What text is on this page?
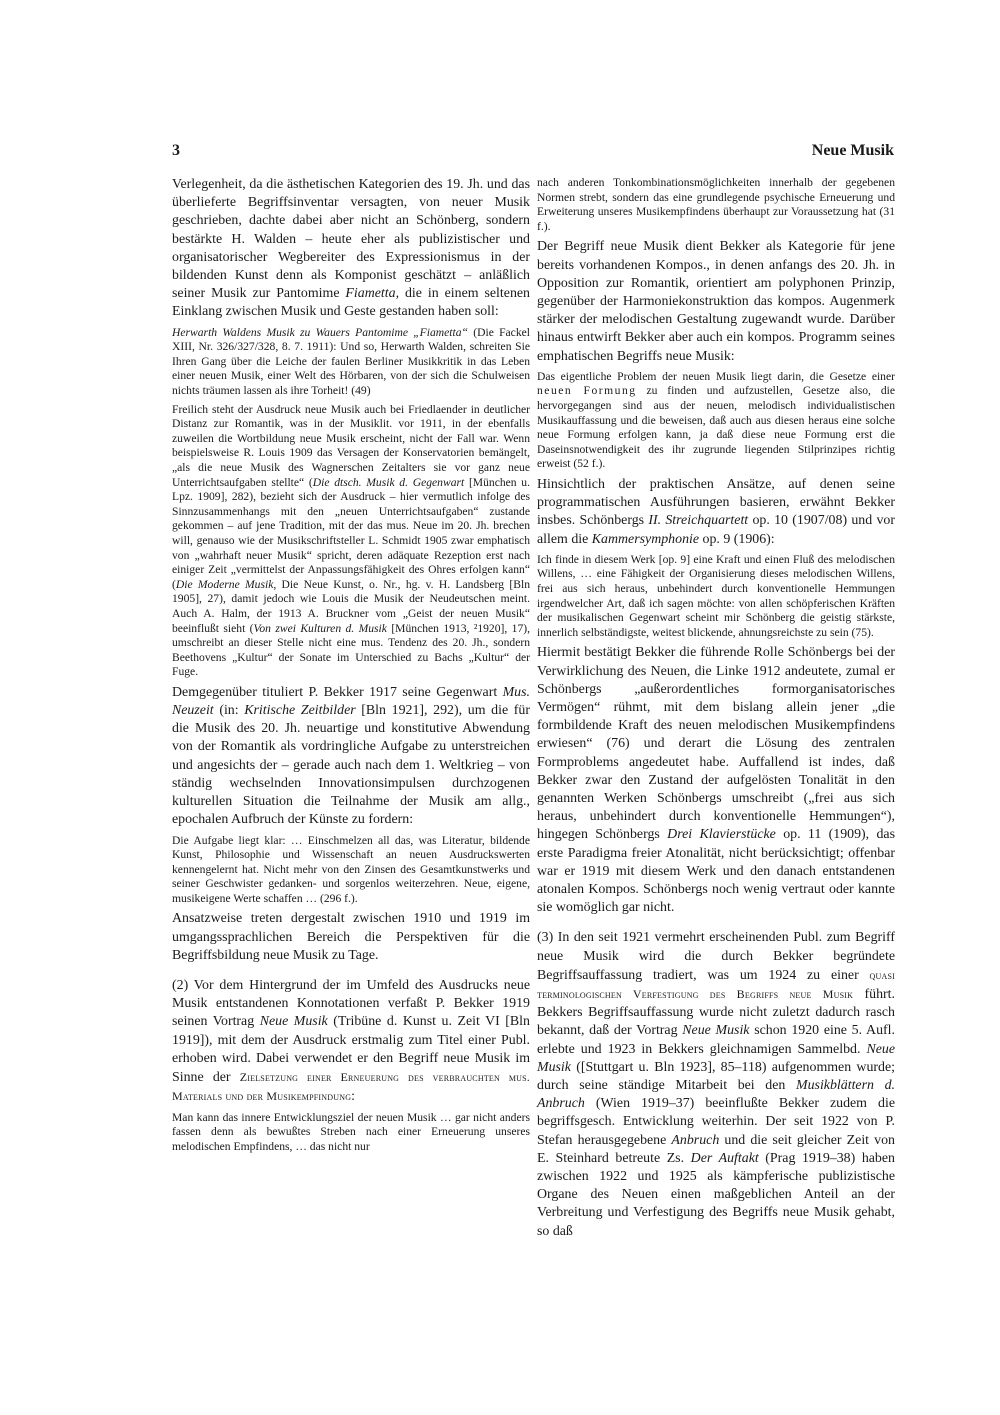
3	Neue Musik

Verlegenheit, da die ästhetischen Kategorien des 19. Jh. und das überlieferte Begriffsinventar versagten, von neuer Musik geschrieben, dachte dabei aber nicht an Schönberg, sondern bestärkte H. Walden – heute eher als publizistischer und organisatorischer Wegbereiter des Expressionismus in der bildenden Kunst denn als Komponist geschätzt – anläßlich seiner Musik zur Pantomime Fiametta, die in einem seltenen Einklang zwischen Musik und Geste gestanden haben soll:

Herwarth Waldens Musik zu Wauers Pantomime „Fiametta“ (Die Fackel XIII, Nr. 326/327/328, 8. 7. 1911): Und so, Herwarth Walden, schreiten Sie Ihren Gang über die Leiche der faulen Berliner Musikkritik in das Leben einer neuen Musik, einer Welt des Hörbaren, von der sich die Schulweisen nichts träumen lassen als ihre Torheit! (49)

Freilich steht der Ausdruck neue Musik auch bei Friedlaender in deutlicher Distanz zur Romantik, was in der Musiklit. vor 1911, in der ebenfalls zuweilen die Wortbildung neue Musik erscheint, nicht der Fall war. Wenn beispielsweise R. Louis 1909 das Versagen der Konservatorien bemängelt, „als die neue Musik des Wagnerschen Zeitalters sie vor ganz neue Unterrichtsaufgaben stellte“ (Die dtsch. Musik d. Gegenwart [München u. Lpz. 1909], 282), bezieht sich der Ausdruck – hier vermutlich infolge des Sinnzusammenhangs mit den „neuen Unterrichtsaufgaben“ zustande gekommen – auf jene Tradition, mit der das mus. Neue im 20. Jh. brechen will, genauso wie der Musikschriftsteller L. Schmidt 1905 zwar emphatisch von „wahrhaft neuer Musik“ spricht, deren adäquate Rezeption erst nach einiger Zeit „vermittelst der Anpassungsfähigkeit des Ohres erfolgen kann“ (Die Moderne Musik, Die Neue Kunst, o. Nr., hg. v. H. Landsberg [Bln 1905], 27), damit jedoch wie Louis die Musik der Neudeutschen meint. Auch A. Halm, der 1913 A. Bruckner vom „Geist der neuen Musik“ beeinflußt sieht (Von zwei Kulturen d. Musik [München 1913, ²1920], 17), umschreibt an dieser Stelle nicht eine mus. Tendenz des 20. Jh., sondern Beethovens „Kultur“ der Sonate im Unterschied zu Bachs „Kultur“ der Fuge.

Demgegenüber tituliert P. Bekker 1917 seine Gegenwart Mus. Neuzeit (in: Kritische Zeitbilder [Bln 1921], 292), um die für die Musik des 20. Jh. neuartige und konstitutive Abwendung von der Romantik als vordringliche Aufgabe zu unterstreichen und angesichts der – gerade auch nach dem 1. Weltkrieg – von ständig wechselnden Innovationsimpulsen durchzogenen kulturellen Situation die Teilnahme der Musik am allg., epochalen Aufbruch der Künste zu fordern:

Die Aufgabe liegt klar: … Einschmelzen all das, was Literatur, bildende Kunst, Philosophie und Wissenschaft an neuen Ausdruckswerten kennengelernt hat. Nicht mehr von den Zinsen des Gesamtkunstwerks und seiner Geschwister gedanken- und sorgenlos weiterzehren. Neue, eigene, musikeigene Werte schaffen … (296 f.).

Ansatzweise treten dergestalt zwischen 1910 und 1919 im umgangssprachlichen Bereich die Perspektiven für die Begriffsbildung neue Musik zu Tage.

(2) Vor dem Hintergrund der im Umfeld des Ausdrucks neue Musik entstandenen Konnotationen verfaßt P. Bekker 1919 seinen Vortrag Neue Musik (Tribüne d. Kunst u. Zeit VI [Bln 1919]), mit dem der Ausdruck erstmalig zum Titel einer Publ. erhoben wird. Dabei verwendet er den Begriff neue Musik im Sinne der Zielsetzung einer Erneuerung des verbrauchten mus. Materials und der Musikempfindung:

Man kann das innere Entwicklungsziel der neuen Musik … gar nicht anders fassen denn als bewußtes Streben nach einer Erneuerung unseres melodischen Empfindens, … das nicht nur

nach anderen Tonkombinationsmöglichkeiten innerhalb der gegebenen Normen strebt, sondern das eine grundlegende psychische Erneuerung und Erweiterung unseres Musikempfindens überhaupt zur Voraussetzung hat (31 f.).

Der Begriff neue Musik dient Bekker als Kategorie für jene bereits vorhandenen Kompos., in denen anfangs des 20. Jh. in Opposition zur Romantik, orientiert am polyphonen Prinzip, gegenüber der Harmoniekonstruktion das kompos. Augenmerk stärker der melodischen Gestaltung zugewandt wurde. Darüber hinaus entwirft Bekker aber auch ein kompos. Programm seines emphatischen Begriffs neue Musik:

Das eigentliche Problem der neuen Musik liegt darin, die Gesetze einer neuen Formung zu finden und aufzustellen, Gesetze also, die hervorgegangen sind aus der neuen, melodisch individualistischen Musikauffassung und die beweisen, daß auch aus diesen heraus eine solche neue Formung erfolgen kann, ja daß diese neue Formung erst die Daseinsnotwendigkeit des ihr zugrunde liegenden Stilprinzipes richtig erweist (52 f.).

Hinsichtlich der praktischen Ansätze, auf denen seine programmatischen Ausführungen basieren, erwähnt Bekker insbes. Schönbergs II. Streichquartett op. 10 (1907/08) und vor allem die Kammersymphonie op. 9 (1906):

Ich finde in diesem Werk [op. 9] eine Kraft und einen Fluß des melodischen Willens, … eine Fähigkeit der Organisierung dieses melodischen Willens, frei aus sich heraus, unbehindert durch konventionelle Hemmungen irgendwelcher Art, daß ich sagen möchte: von allen schöpferischen Kräften der musikalischen Gegenwart scheint mir Schönberg die geistig stärkste, innerlich selbständigste, weitest blickende, ahnungsreichste zu sein (75).

Hiermit bestätigt Bekker die führende Rolle Schönbergs bei der Verwirklichung des Neuen, die Linke 1912 andeutete, zumal er Schönbergs „außerordentliches formorganisatorisches Vermögen“ rühmt, mit dem bislang allein jener „die formbildende Kraft des neuen melodischen Musikempfindens erwiesen“ (76) und derart die Lösung des zentralen Formproblems angedeutet habe. Auffallend ist indes, daß Bekker zwar den Zustand der aufgelösten Tonalität in den genannten Werken Schönbergs umschreibt („frei aus sich heraus, unbehindert durch konventionelle Hemmungen“), hingegen Schönbergs Drei Klavierstücke op. 11 (1909), das erste Paradigma freier Atonalität, nicht berücksichtigt; offenbar war er 1919 mit diesem Werk und den danach entstandenen atonalen Kompos. Schönbergs noch wenig vertraut oder kannte sie womöglich gar nicht.

(3) In den seit 1921 vermehrt erscheinenden Publ. zum Begriff neue Musik wird die durch Bekker begründete Begriffsauffassung tradiert, was um 1924 zu einer quasi terminologischen Verfestigung des Begriffs neue Musik führt. Bekkers Begriffsauffassung wurde nicht zuletzt dadurch rasch bekannt, daß der Vortrag Neue Musik schon 1920 eine 5. Aufl. erlebte und 1923 in Bekkers gleichnamigen Sammelbd. Neue Musik ([Stuttgart u. Bln 1923], 85–118) aufgenommen wurde; durch seine ständige Mitarbeit bei den Musikblättern d. Anbruch (Wien 1919–37) beeinflußte Bekker zudem die begriffsgesch. Entwicklung weiterhin. Der seit 1922 von P. Stefan herausgegebene Anbruch und die seit gleicher Zeit von E. Steinhard betreute Zs. Der Auftakt (Prag 1919–38) haben zwischen 1922 und 1925 als kämpferische publizistische Organe des Neuen einen maßgeblichen Anteil an der Verbreitung und Verfestigung des Begriffs neue Musik gehabt, so daß
